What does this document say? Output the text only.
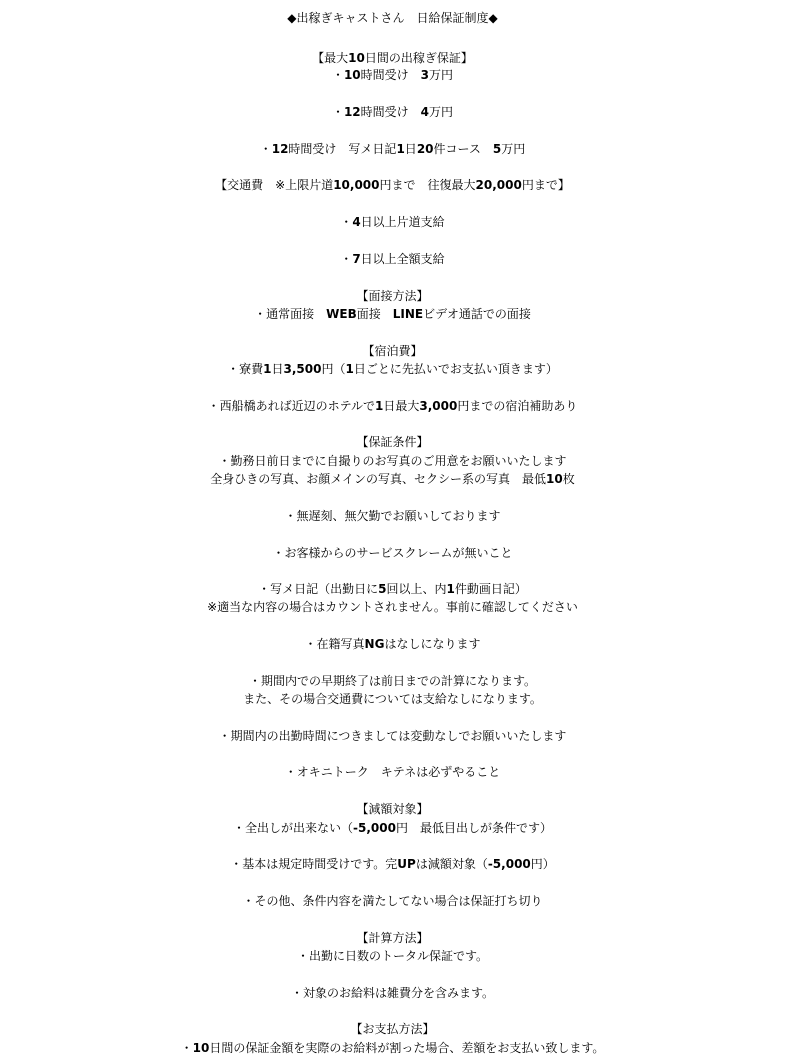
◆出稼ぎキャストさん　日給保証制度◆
【最大10日間の出稼ぎ保証】
・10時間受け　3万円
・12時間受け　4万円
・12時間受け　写メ日記1日20件コース　5万円
【交通費　※上限片道10,000円まで　往復最大20,000円まで】
・4日以上片道支給
・7日以上全額支給
【面接方法】
・通常面接　WEB面接　LINEビデオ通話での面接
【宿泊費】
・寮費1日3,500円（1日ごとに先払いでお支払い頂きます）
・西船橋あれば近辺のホテルで1日最大3,000円までの宿泊補助あり
【保証条件】
・勤務日前日までに自撮りのお写真のご用意をお願いいたします
全身ひきの写真、お顔メインの写真、セクシー系の写真　最低10枚
・無遅刻、無欠勤でお願いしております
・お客様からのサービスクレームが無いこと
・写メ日記（出勤日に5回以上、内1件動画日記）
※適当な内容の場合はカウントされません。事前に確認してください
・在籍写真NGはなしになります
・期間内での早期終了は前日までの計算になります。
また、その場合交通費については支給なしになります。
・期間内の出勤時間につきましては変動なしでお願いいたします
・オキニトーク　キテネは必ずやること
【減額対象】
・全出しが出来ない（-5,000円　最低目出しが条件です）
・基本は規定時間受けです。完UPは減額対象（-5,000円）
・その他、条件内容を満たしてない場合は保証打ち切り
【計算方法】
・出勤に日数のトータル保証です。
・対象のお給料は雑費分を含みます。
【お支払方法】
・10日間の保証金額を実際のお給料が割った場合、差額をお支払い致します。
